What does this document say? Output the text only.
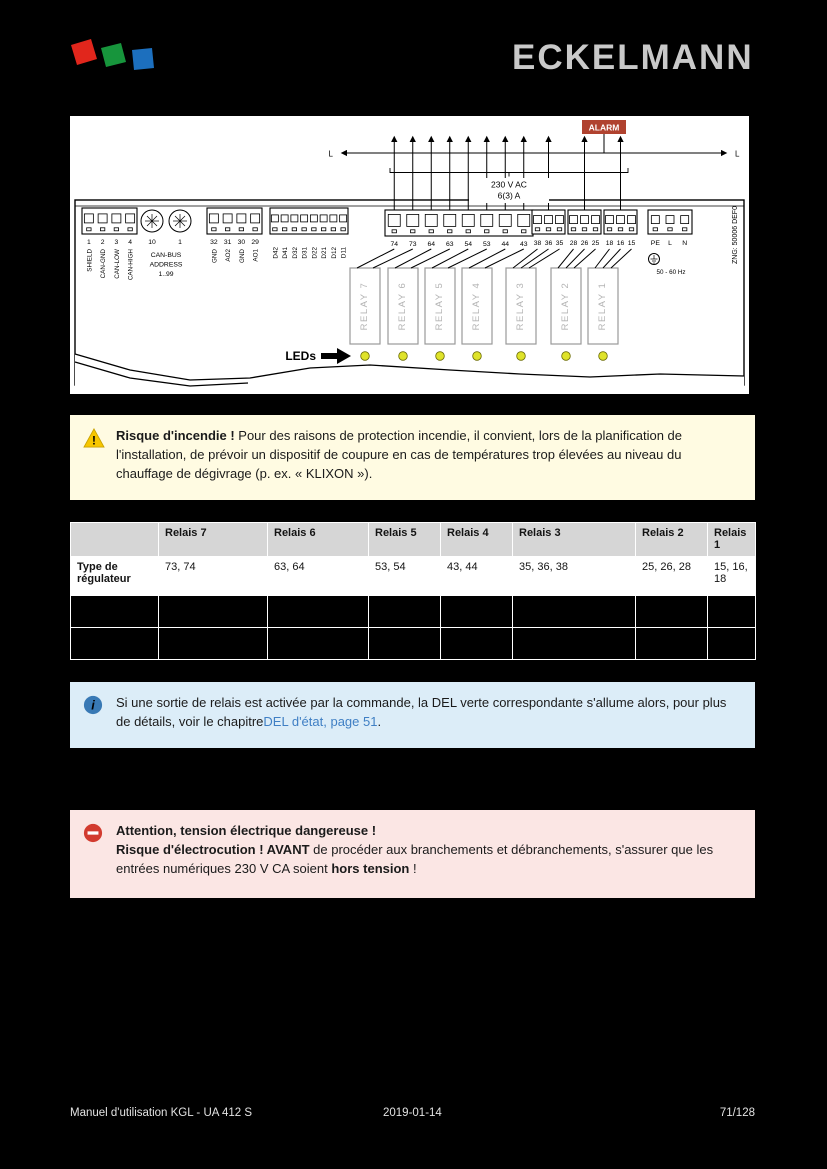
ECKELMANN
1
SHIELD
2
CAN-GND
3
CAN-LOW
4
CAN-HIGH
10	1
CAN-BUS
ADDRESS
1..99
32
GND
31
AO2
30
GND
29
AO1 D42 D41 D32 D31 D22 D21 D12 D11
74 73 64 63 54 53 44 43 38 36 35 28 26 25 18 16 15 PE L N
RELAY 7	RELAY 6	RELAY 5	RELAY 4	RELAY 3	RELAY 2	RELAY 1
L	L
ALARM
230 V AC
6(3) A
50 - 60 Hz
ZNG: 50006 DEF0
LEDs
! Risque d'incendie ! Pour des raisons de protection incendie, il convient, lors de la planification de l'installation, de prévoir un dispositif de coupure en cas de températures trop élevées au niveau du chauffage de dégivrage (p. ex. « KLIXON »).

	Relais 7	Relais 6	Relais 5	Relais 4	Relais 3	Relais 2	Relais 1
Type de régulateur	73, 74	63, 64	53, 54	43, 44	35, 36, 38	25, 26, 28	15, 16, 18

i Si une sortie de relais est activée par la commande, la DEL verte correspondante s'allume alors, pour plus de détails, voir le chapitreDEL d'état, page 51.

Attention, tension électrique dangereuse !
Risque d'électrocution ! AVANT de procéder aux branchements et débranchements, s'assurer que les entrées numériques 230 V CA soient hors tension !

Manuel d'utilisation KGL - UA 412 S	2019-01-14	71/128
